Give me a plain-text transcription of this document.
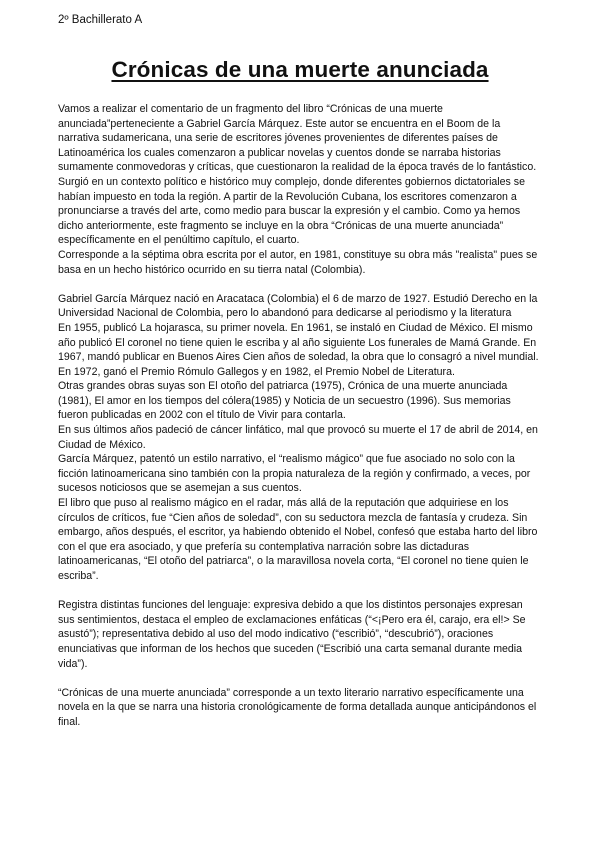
2º Bachillerato A
Crónicas de una muerte anunciada

Vamos a realizar el comentario de un fragmento del libro “Crónicas de una muerte anunciada”perteneciente a Gabriel García Márquez. Este autor se encuentra en el Boom de la narrativa sudamericana, una serie de escritores jóvenes provenientes de diferentes países de Latinoamérica los cuales comenzaron a publicar novelas y cuentos donde se narraba historias sumamente conmovedoras y críticas, que cuestionaron la realidad de la época través de lo fantástico. Surgió en un contexto político e histórico muy complejo, donde diferentes gobiernos dictatoriales se habían impuesto en toda la región. A partir de la Revolución Cubana, los escritores comenzaron a pronunciarse a través del arte, como medio para buscar la expresión y el cambio. Como ya hemos dicho anteriormente, este fragmento se incluye en la obra “Crónicas de una muerte anunciada” específicamente en el penúltimo capítulo, el cuarto.

Corresponde a la séptima obra escrita por el autor, en 1981, constituye su obra más "realista" pues se basa en un hecho histórico ocurrido en su tierra natal (Colombia).

Gabriel García Márquez nació en Aracataca (Colombia) el 6 de marzo de 1927. Estudió Derecho en la Universidad Nacional de Colombia, pero lo abandonó para dedicarse al periodismo y la literatura

En 1955, publicó La hojarasca, su primer novela. En 1961, se instaló en Ciudad de México. El mismo año publicó El coronel no tiene quien le escriba y al año siguiente Los funerales de Mamá Grande. En 1967, mandó publicar en Buenos Aires Cien años de soledad, la obra que lo consagró a nivel mundial. En 1972, ganó el Premio Rómulo Gallegos y en 1982, el Premio Nobel de Literatura.

Otras grandes obras suyas son El otoño del patriarca (1975), Crónica de una muerte anunciada (1981), El amor en los tiempos del cólera(1985) y Noticia de un secuestro (1996). Sus memorias fueron publicadas en 2002 con el título de Vivir para contarla.

En sus últimos años padeció de cáncer linfático, mal que provocó su muerte el 17 de abril de 2014, en Ciudad de México.

García Márquez, patentó un estilo narrativo, el “realismo mágico” que fue asociado no solo con la ficción latinoamericana sino también con la propia naturaleza de la región y confirmado, a veces, por sucesos noticiosos que se asemejan a sus cuentos.

El libro que puso al realismo mágico en el radar, más allá de la reputación que adquiriese en los círculos de críticos, fue “Cien años de soledad”, con su seductora mezcla de fantasía y crudeza. Sin embargo, años después, el escritor, ya habiendo obtenido el Nobel, confesó que estaba harto del libro con el que era asociado, y que prefería su contemplativa narración sobre las dictaduras latinoamericanas, “El otoño del patriarca”, o la maravillosa novela corta, “El coronel no tiene quien le escriba”.

Registra distintas funciones del lenguaje: expresiva debido a que los distintos personajes expresan sus sentimientos, destaca el empleo de exclamaciones enfáticas (“<¡Pero era él, carajo, era el!> Se asustó”); representativa debido al uso del modo indicativo (“escribió”, “descubrió”), oraciones enunciativas que informan de los hechos que suceden (“Escribió una carta semanal durante media vida”).

“Crónicas de una muerte anunciada” corresponde a un texto literario narrativo específicamente una novela en la que se narra una historia cronológicamente de forma detallada aunque anticipándonos el final.
